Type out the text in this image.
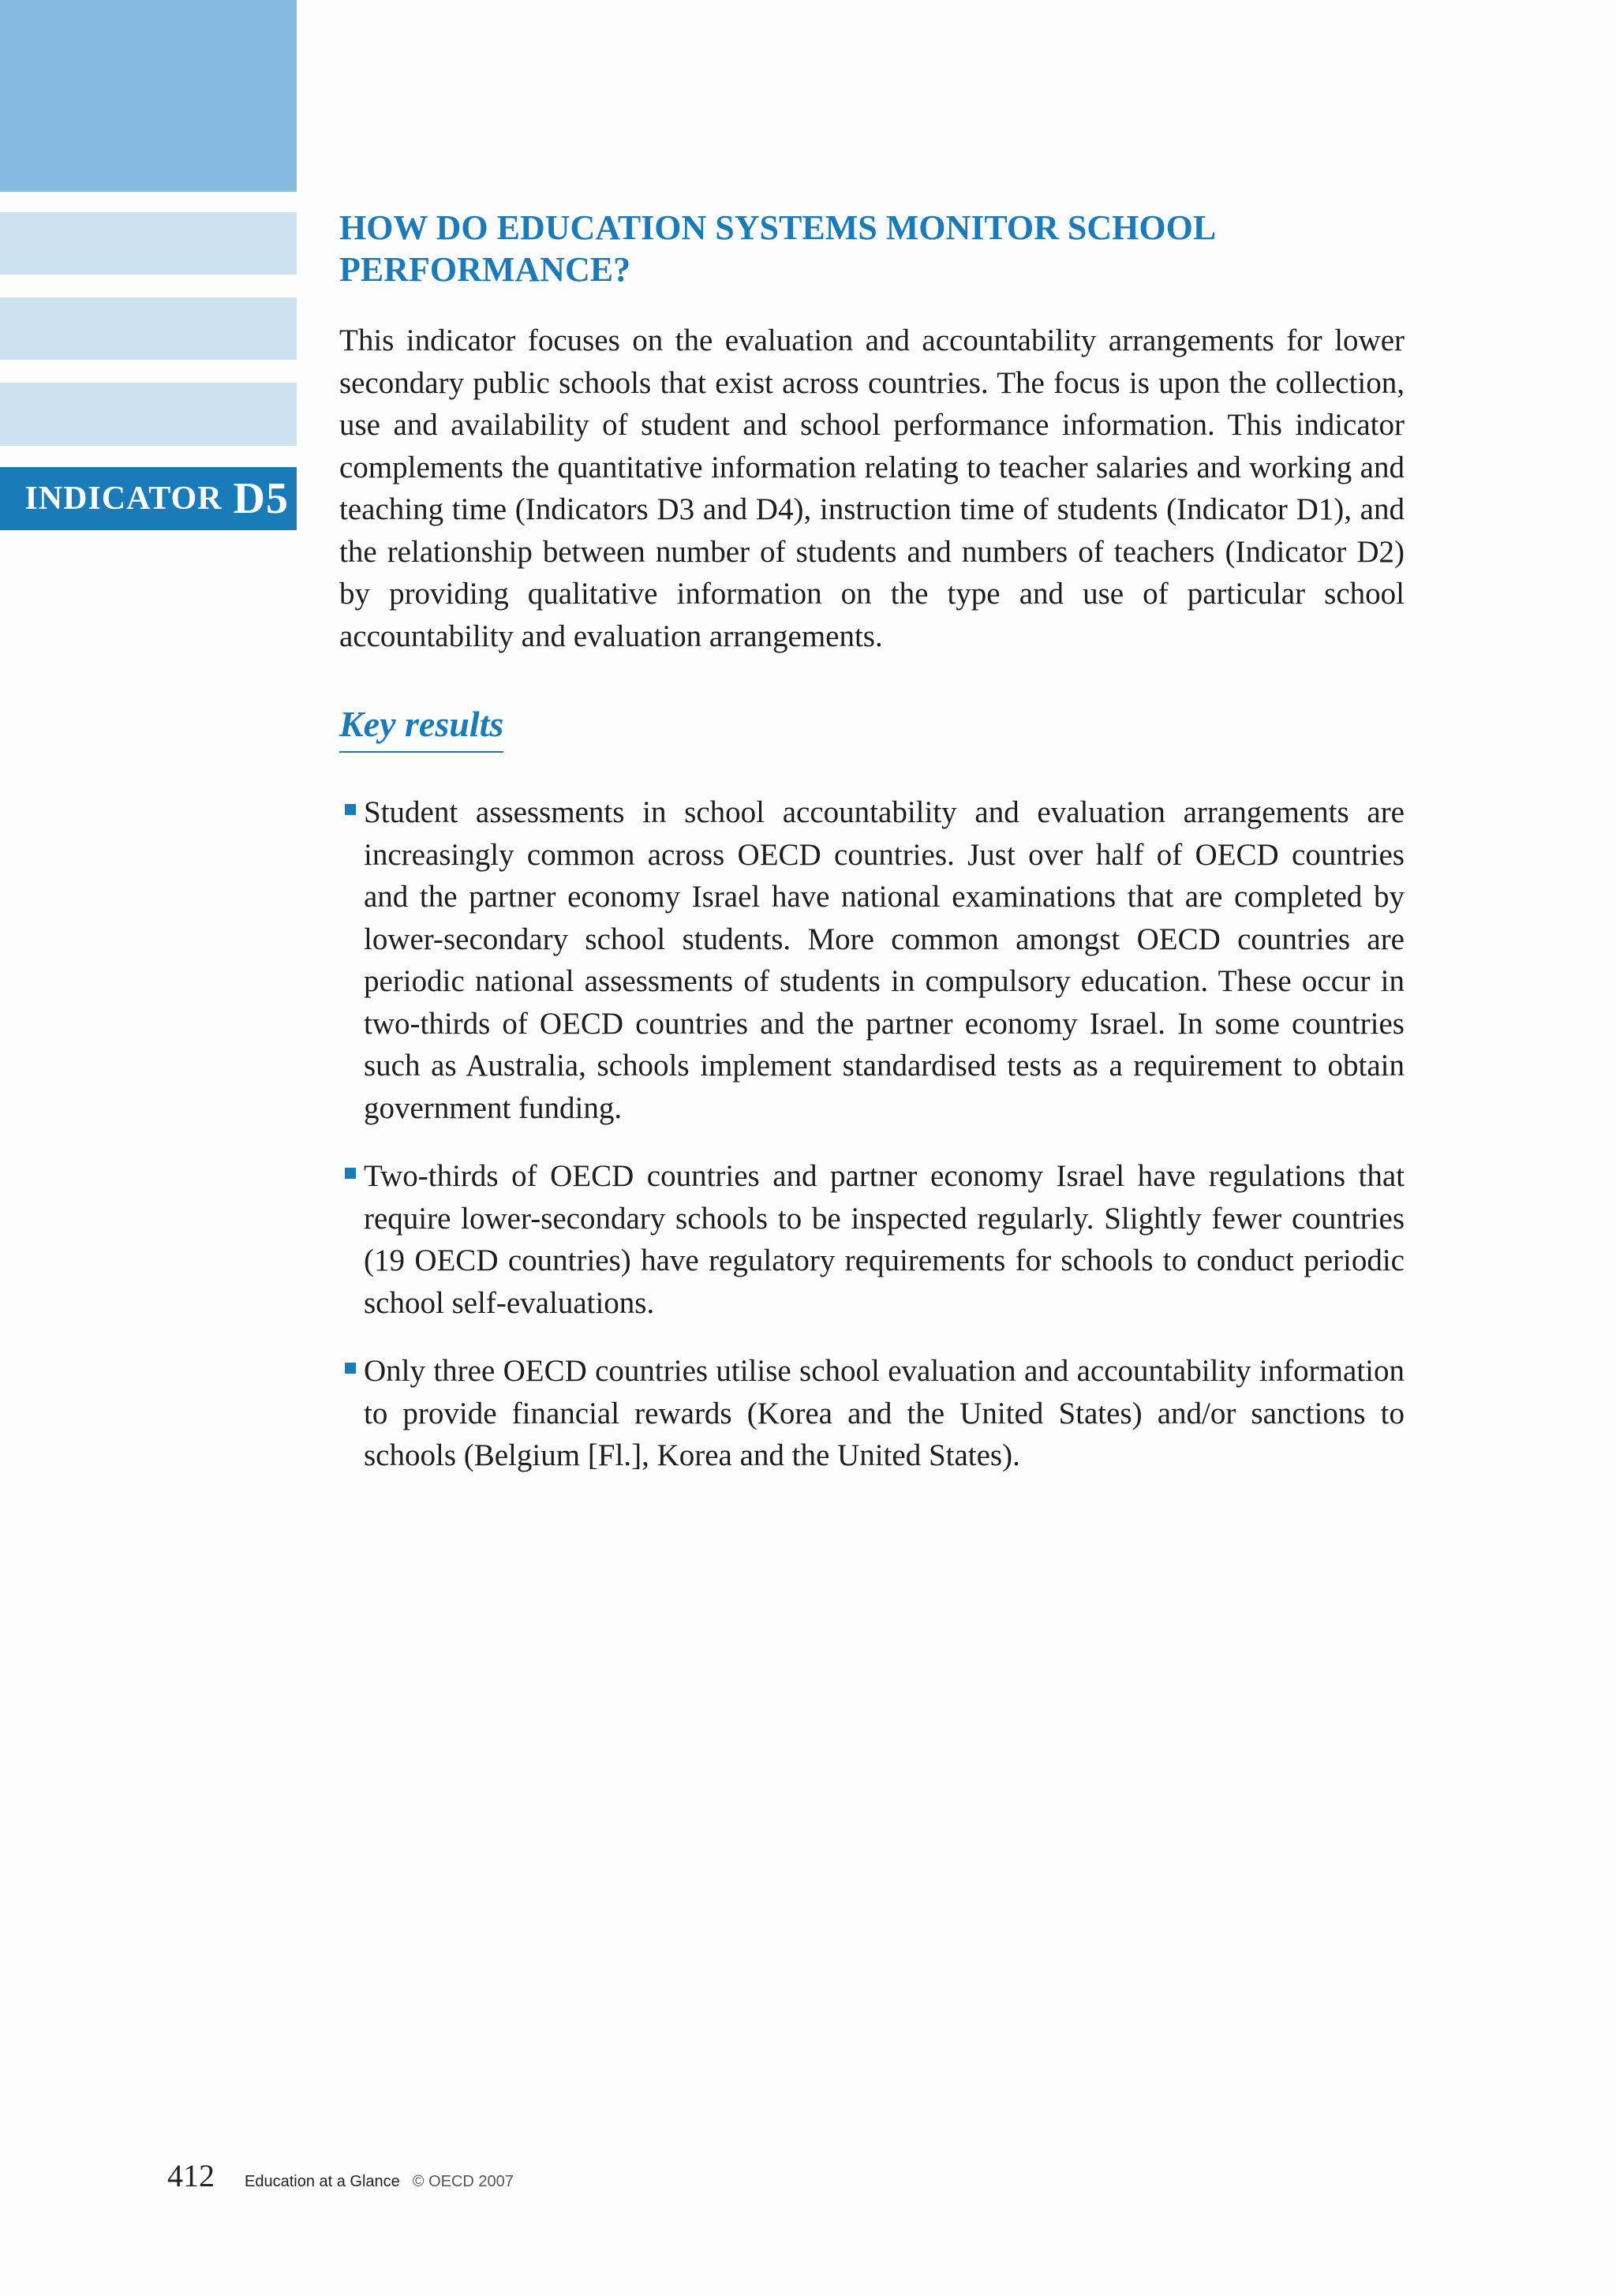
INDICATOR D5
HOW DO EDUCATION SYSTEMS MONITOR SCHOOL PERFORMANCE?

This indicator focuses on the evaluation and accountability arrangements for lower secondary public schools that exist across countries. The focus is upon the collection, use and availability of student and school performance information. This indicator complements the quantitative information relating to teacher salaries and working and teaching time (Indicators D3 and D4), instruction time of students (Indicator D1), and the relationship between number of students and numbers of teachers (Indicator D2) by providing qualitative information on the type and use of particular school accountability and evaluation arrangements.

Key results
Student assessments in school accountability and evaluation arrangements are increasingly common across OECD countries. Just over half of OECD countries and the partner economy Israel have national examinations that are completed by lower-secondary school students. More common amongst OECD countries are periodic national assessments of students in compulsory education. These occur in two-thirds of OECD countries and the partner economy Israel. In some countries such as Australia, schools implement standardised tests as a requirement to obtain government funding.
Two-thirds of OECD countries and partner economy Israel have regulations that require lower-secondary schools to be inspected regularly. Slightly fewer countries (19 OECD countries) have regulatory requirements for schools to conduct periodic school self-evaluations.
Only three OECD countries utilise school evaluation and accountability information to provide financial rewards (Korea and the United States) and/or sanctions to schools (Belgium [Fl.], Korea and the United States).
412 Education at a Glance © OECD 2007
